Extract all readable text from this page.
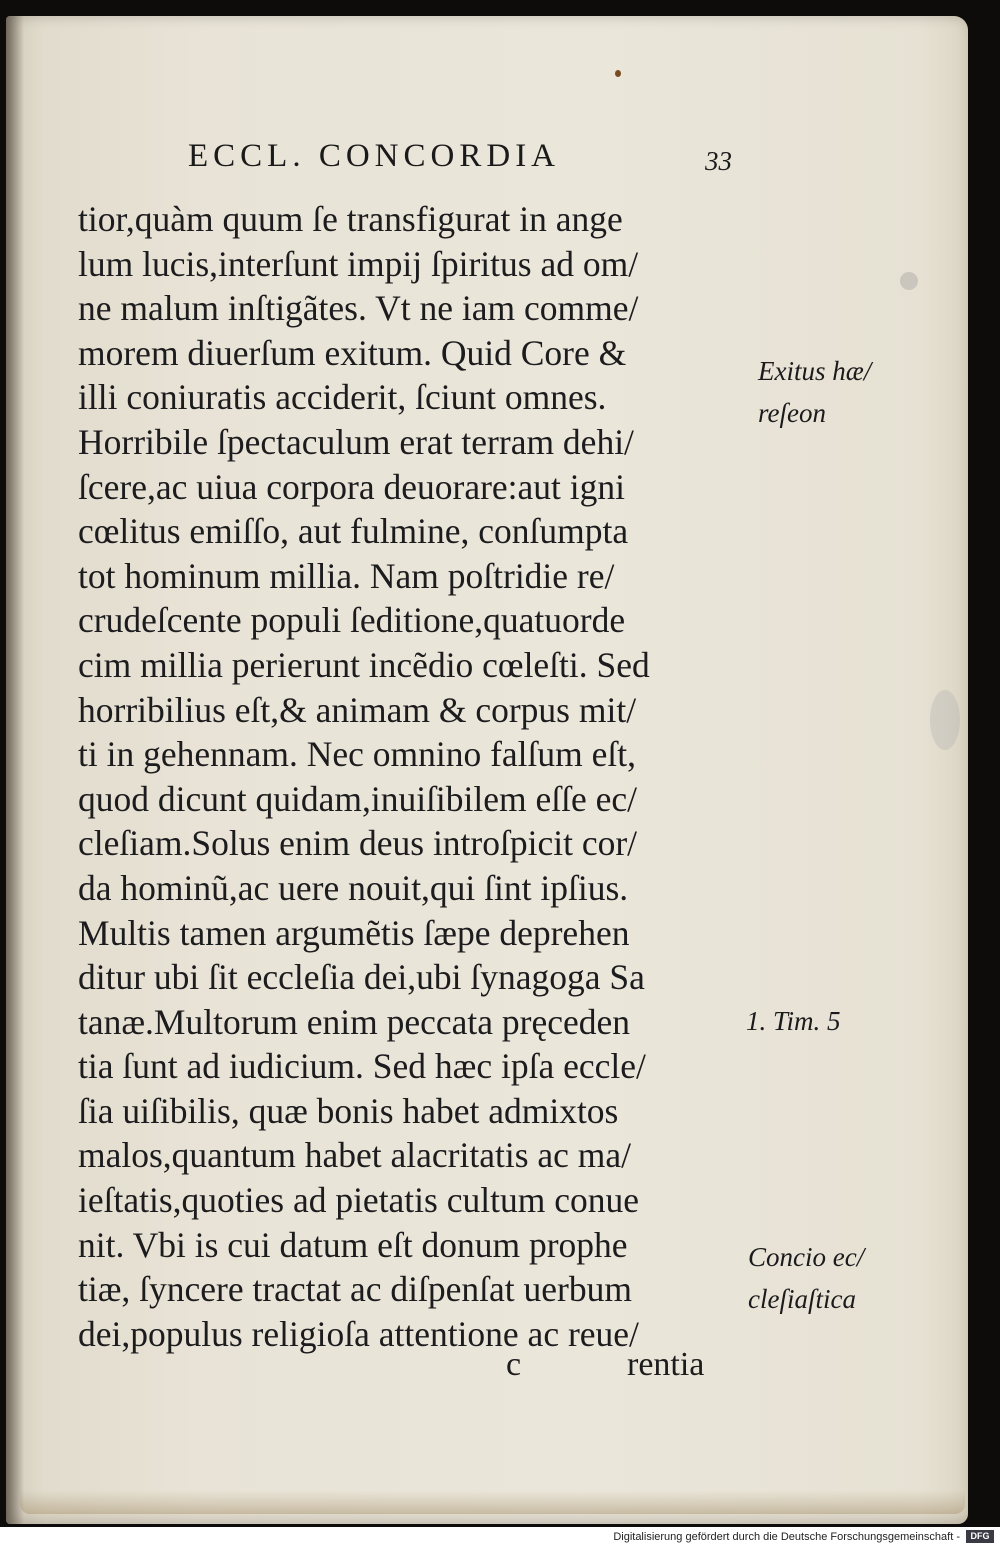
ECCL. CONCORDIA	33
tior,quàm quum ſe transfigurat in ange
lum lucis,interſunt impij ſpiritus ad om/
ne malum inſtigãtes. Vt ne iam comme/
morem diuerſum exitum. Quid Core &
illi coniuratis acciderit, ſciunt omnes.
Horribile ſpectaculum erat terram dehi/
ſcere,ac uiua corpora deuorare:aut igni
cœlitus emiſſo, aut fulmine, conſumpta
tot hominum millia. Nam poſtridie re/
crudeſcente populi ſeditione,quatuorde
cim millia perierunt incẽdio cœleſti. Sed
horribilius eſt,& animam & corpus mit/
ti in gehennam. Nec omnino falſum eſt,
quod dicunt quidam,inuiſibilem eſſe ec/
cleſiam.Solus enim deus introſpicit cor/
da hominũ,ac uere nouit,qui ſint ipſius.
Multis tamen argumẽtis ſæpe deprehen
ditur ubi ſit eccleſia dei,ubi ſynagoga Sa
tanæ.Multorum enim peccata pręceden
tia ſunt ad iudicium. Sed hæc ipſa eccle/
ſia uiſibilis, quæ bonis habet admixtos
malos,quantum habet alacritatis ac ma/
ieſtatis,quoties ad pietatis cultum conue
nit. Vbi is cui datum eſt donum prophe
tiæ, ſyncere tractat ac diſpenſat uerbum
dei,populus religioſa attentione ac reue/
Exitus hæ/
reſeon
1. Tim. 5
Concio ec/
cleſiaſtica
c	rentia
Digitalisierung gefördert durch die Deutsche Forschungsgemeinschaft -	DFG
